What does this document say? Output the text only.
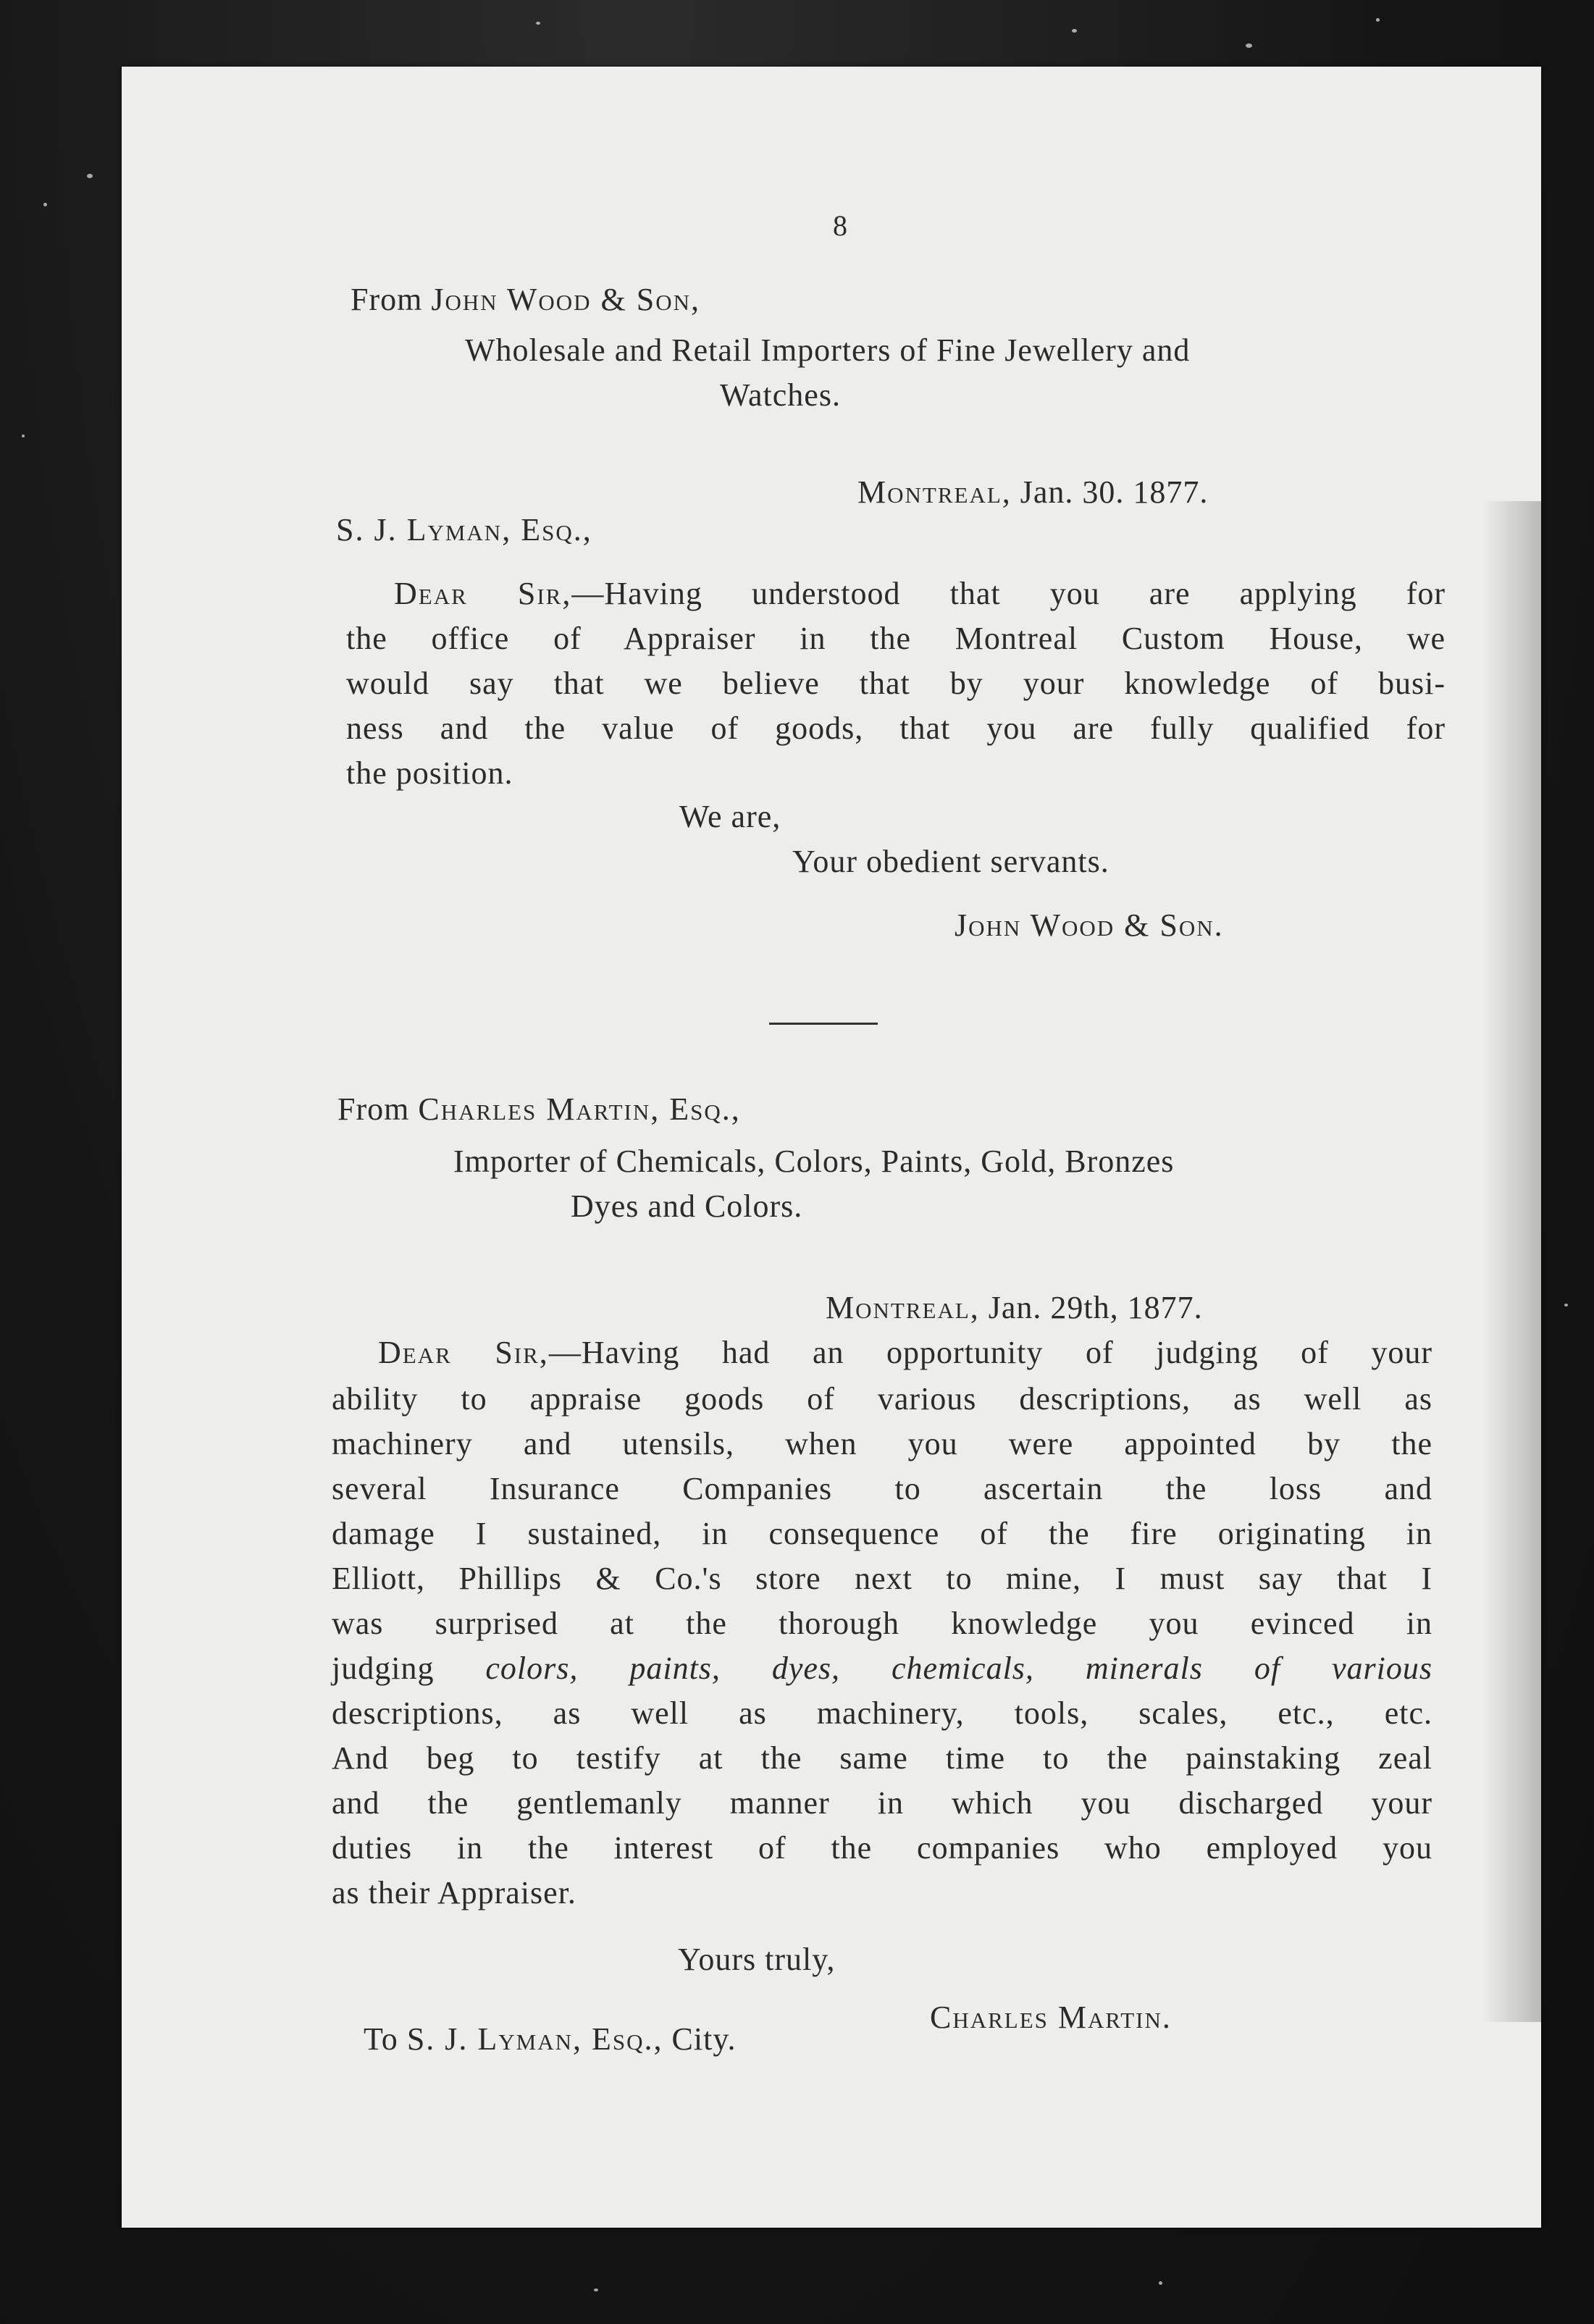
8
From John Wood & Son,
Wholesale and Retail Importers of Fine Jewellery and
Watches.
Montreal, Jan. 30. 1877.
S. J. Lyman, Esq.,
Dear Sir,—Having understood that you are applying for
the office of Appraiser in the Montreal Custom House, we
would say that we believe that by your knowledge of busi-
ness and the value of goods, that you are fully qualified for
the position.
We are,
Your obedient servants.
John Wood & Son.
From Charles Martin, Esq.,
Importer of Chemicals, Colors, Paints, Gold, Bronzes
Dyes and Colors.
Montreal, Jan. 29th, 1877.
Dear Sir,—Having had an opportunity of judging of your
ability to appraise goods of various descriptions, as well as
machinery and utensils, when you were appointed by the
several Insurance Companies to ascertain the loss and
damage I sustained, in consequence of the fire originating in
Elliott, Phillips & Co.'s store next to mine, I must say that I
was surprised at the thorough knowledge you evinced in
judging colors, paints, dyes, chemicals, minerals of various
descriptions, as well as machinery, tools, scales, etc., etc.
And beg to testify at the same time to the painstaking zeal
and the gentlemanly manner in which you discharged your
duties in the interest of the companies who employed you
as their Appraiser.
Yours truly,
Charles Martin.
To S. J. Lyman, Esq., City.
